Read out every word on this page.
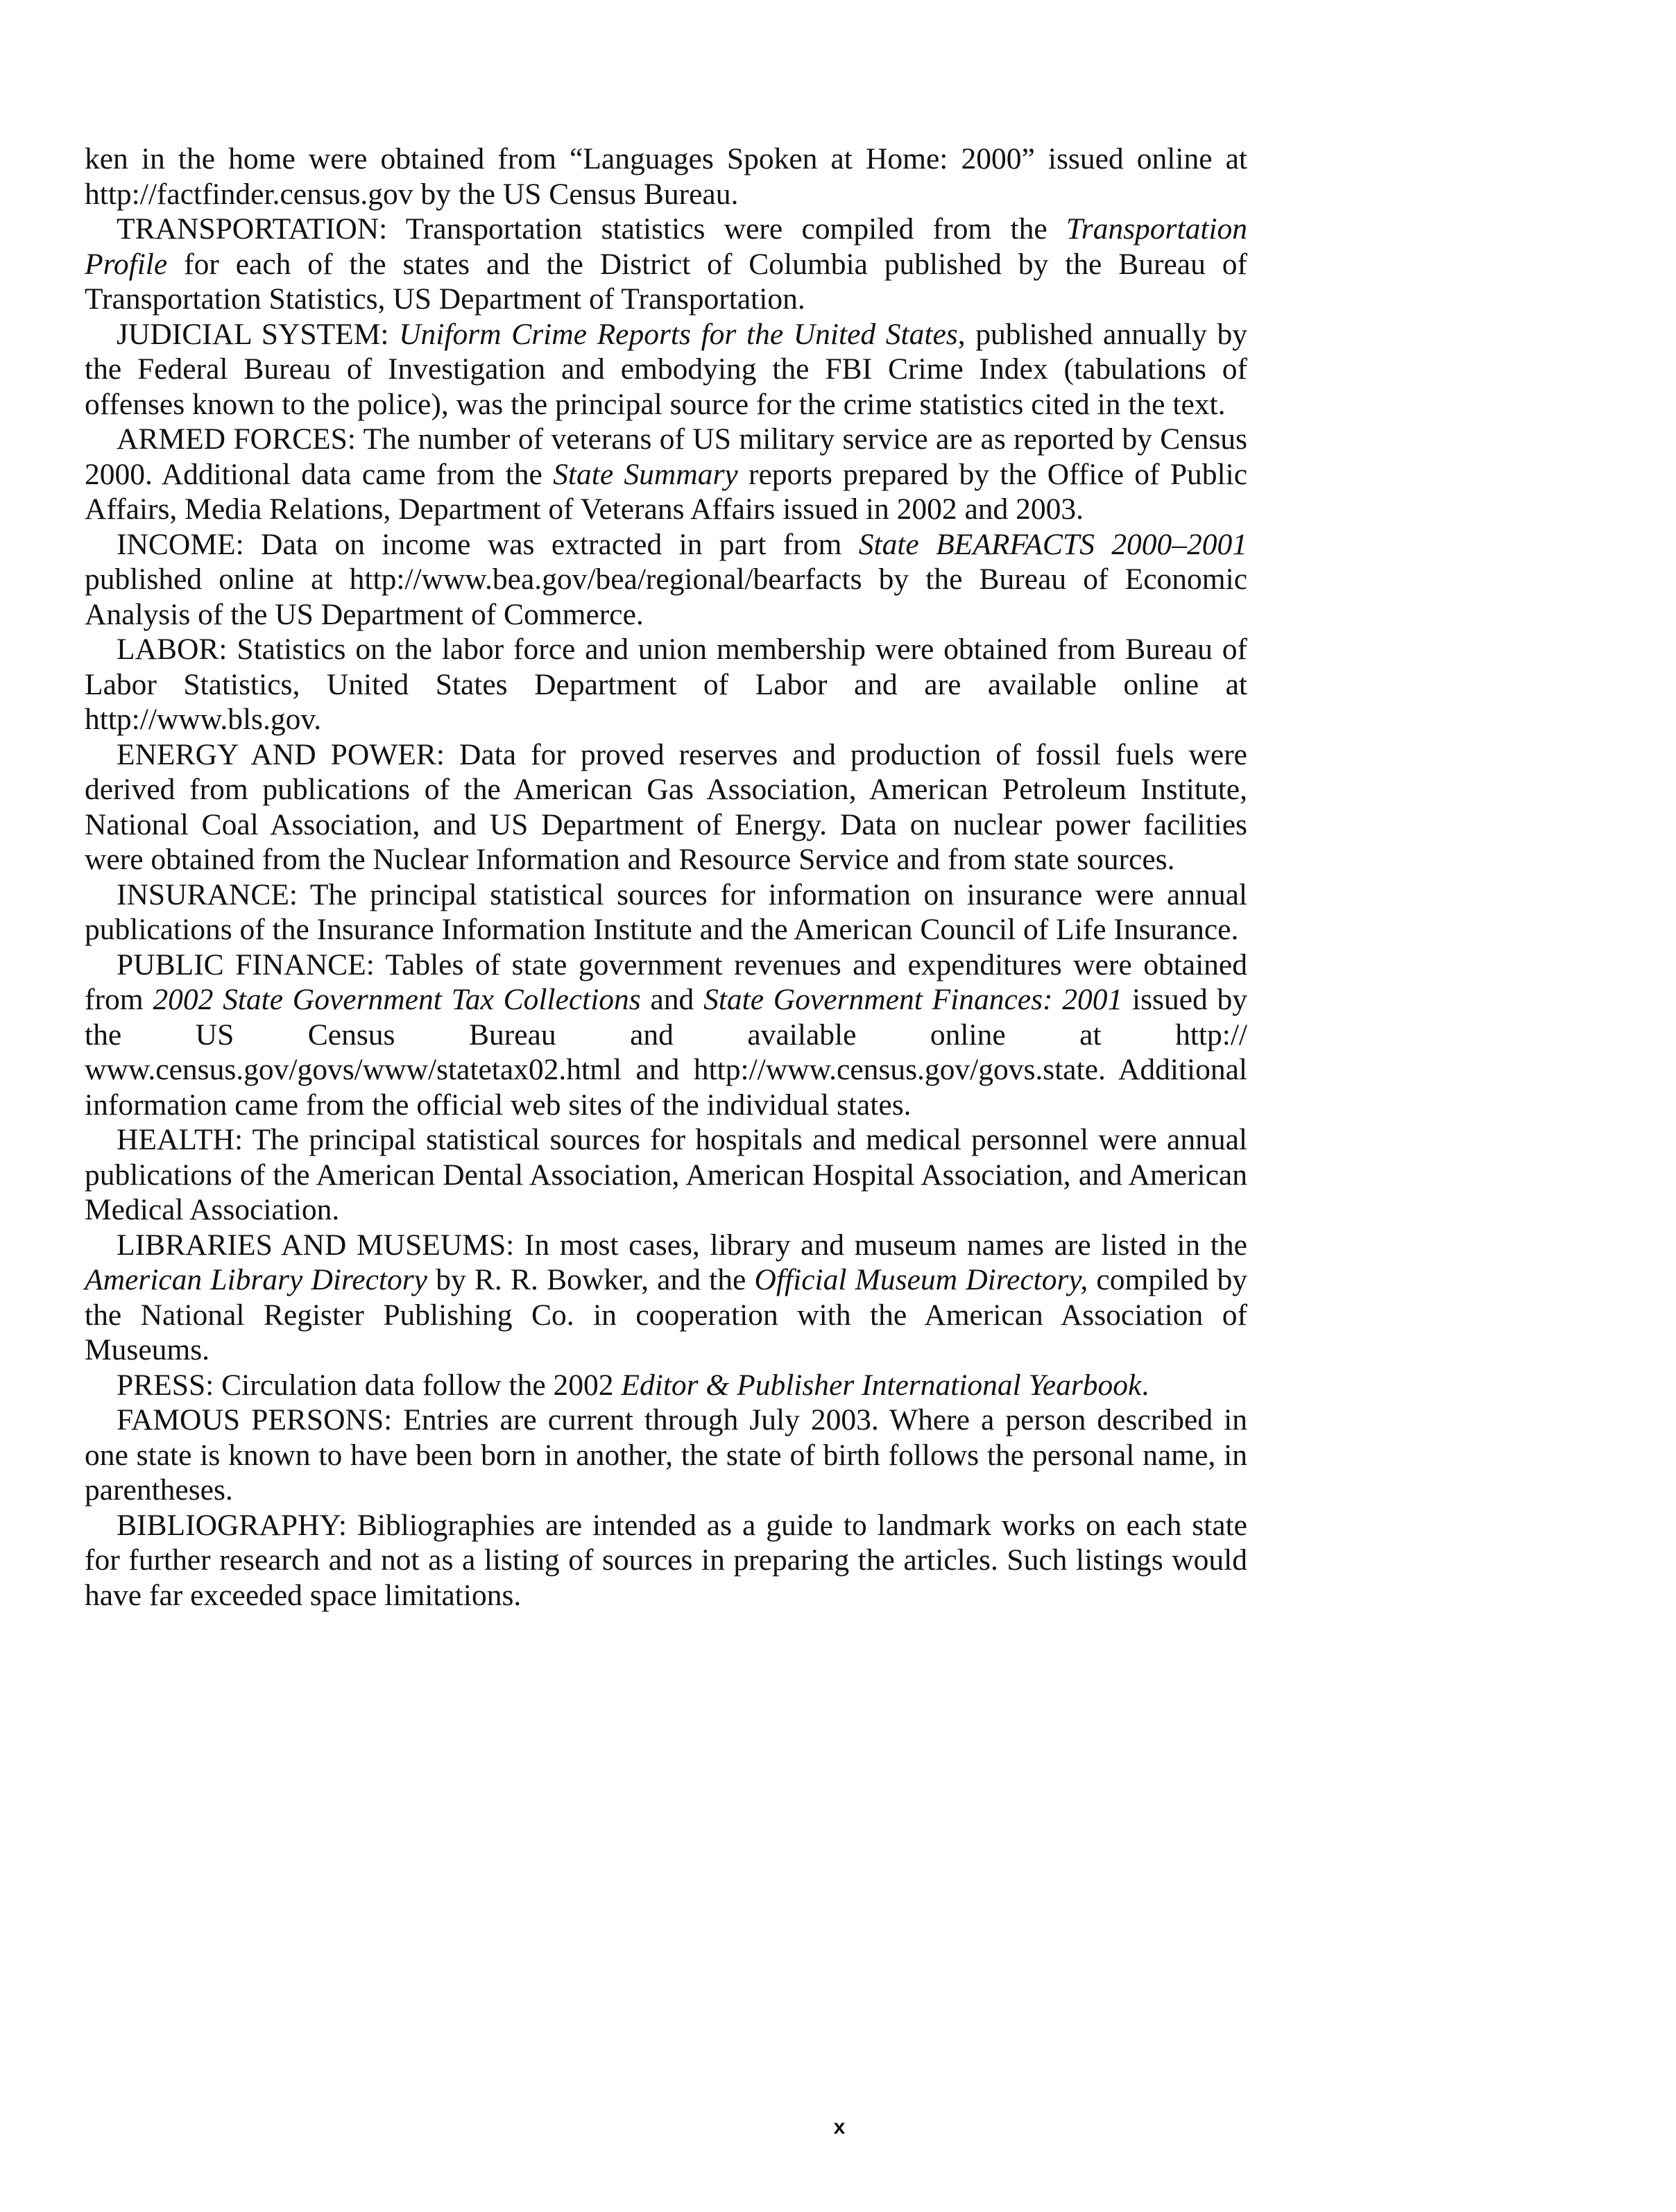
ken in the home were obtained from “Languages Spoken at Home: 2000” issued online at http://factfinder.census.gov by the US Census Bureau.

TRANSPORTATION: Transportation statistics were compiled from the Transportation Profile for each of the states and the District of Columbia published by the Bureau of Transportation Statistics, US Department of Transportation.

JUDICIAL SYSTEM: Uniform Crime Reports for the United States, published annually by the Federal Bureau of Investigation and embodying the FBI Crime Index (tabulations of offenses known to the police), was the principal source for the crime statistics cited in the text.

ARMED FORCES: The number of veterans of US military service are as reported by Census 2000. Additional data came from the State Summary reports prepared by the Office of Public Affairs, Media Relations, Department of Veterans Affairs issued in 2002 and 2003.

INCOME: Data on income was extracted in part from State BEARFACTS 2000–2001 published online at http://www.bea.gov/bea/regional/bearfacts by the Bureau of Economic Analysis of the US Department of Commerce.

LABOR: Statistics on the labor force and union membership were obtained from Bureau of Labor Statistics, United States Department of Labor and are available online at http://www.bls.gov.

ENERGY AND POWER: Data for proved reserves and production of fossil fuels were derived from publications of the American Gas Association, American Petroleum Institute, National Coal Association, and US Department of Energy. Data on nuclear power facilities were obtained from the Nuclear Information and Resource Service and from state sources.

INSURANCE: The principal statistical sources for information on insurance were annual publications of the Insurance Information Institute and the American Council of Life Insurance.

PUBLIC FINANCE: Tables of state government revenues and expenditures were obtained from 2002 State Government Tax Collections and State Government Finances: 2001 issued by the US Census Bureau and available online at http://​www.census.gov/govs/www/statetax02.html and http://www.census.gov/govs.state. Additional information came from the official web sites of the individual states.

HEALTH: The principal statistical sources for hospitals and medical personnel were annual publications of the American Dental Association, American Hospital Association, and American Medical Association.

LIBRARIES AND MUSEUMS: In most cases, library and museum names are listed in the American Library Directory by R. R. Bowker, and the Official Museum Directory, compiled by the National Register Publishing Co. in cooperation with the American Association of Museums.

PRESS: Circulation data follow the 2002 Editor & Publisher International Yearbook.

FAMOUS PERSONS: Entries are current through July 2003. Where a person described in one state is known to have been born in another, the state of birth follows the personal name, in parentheses.

BIBLIOGRAPHY: Bibliographies are intended as a guide to landmark works on each state for further research and not as a listing of sources in preparing the articles. Such listings would have far exceeded space limitations.

x
